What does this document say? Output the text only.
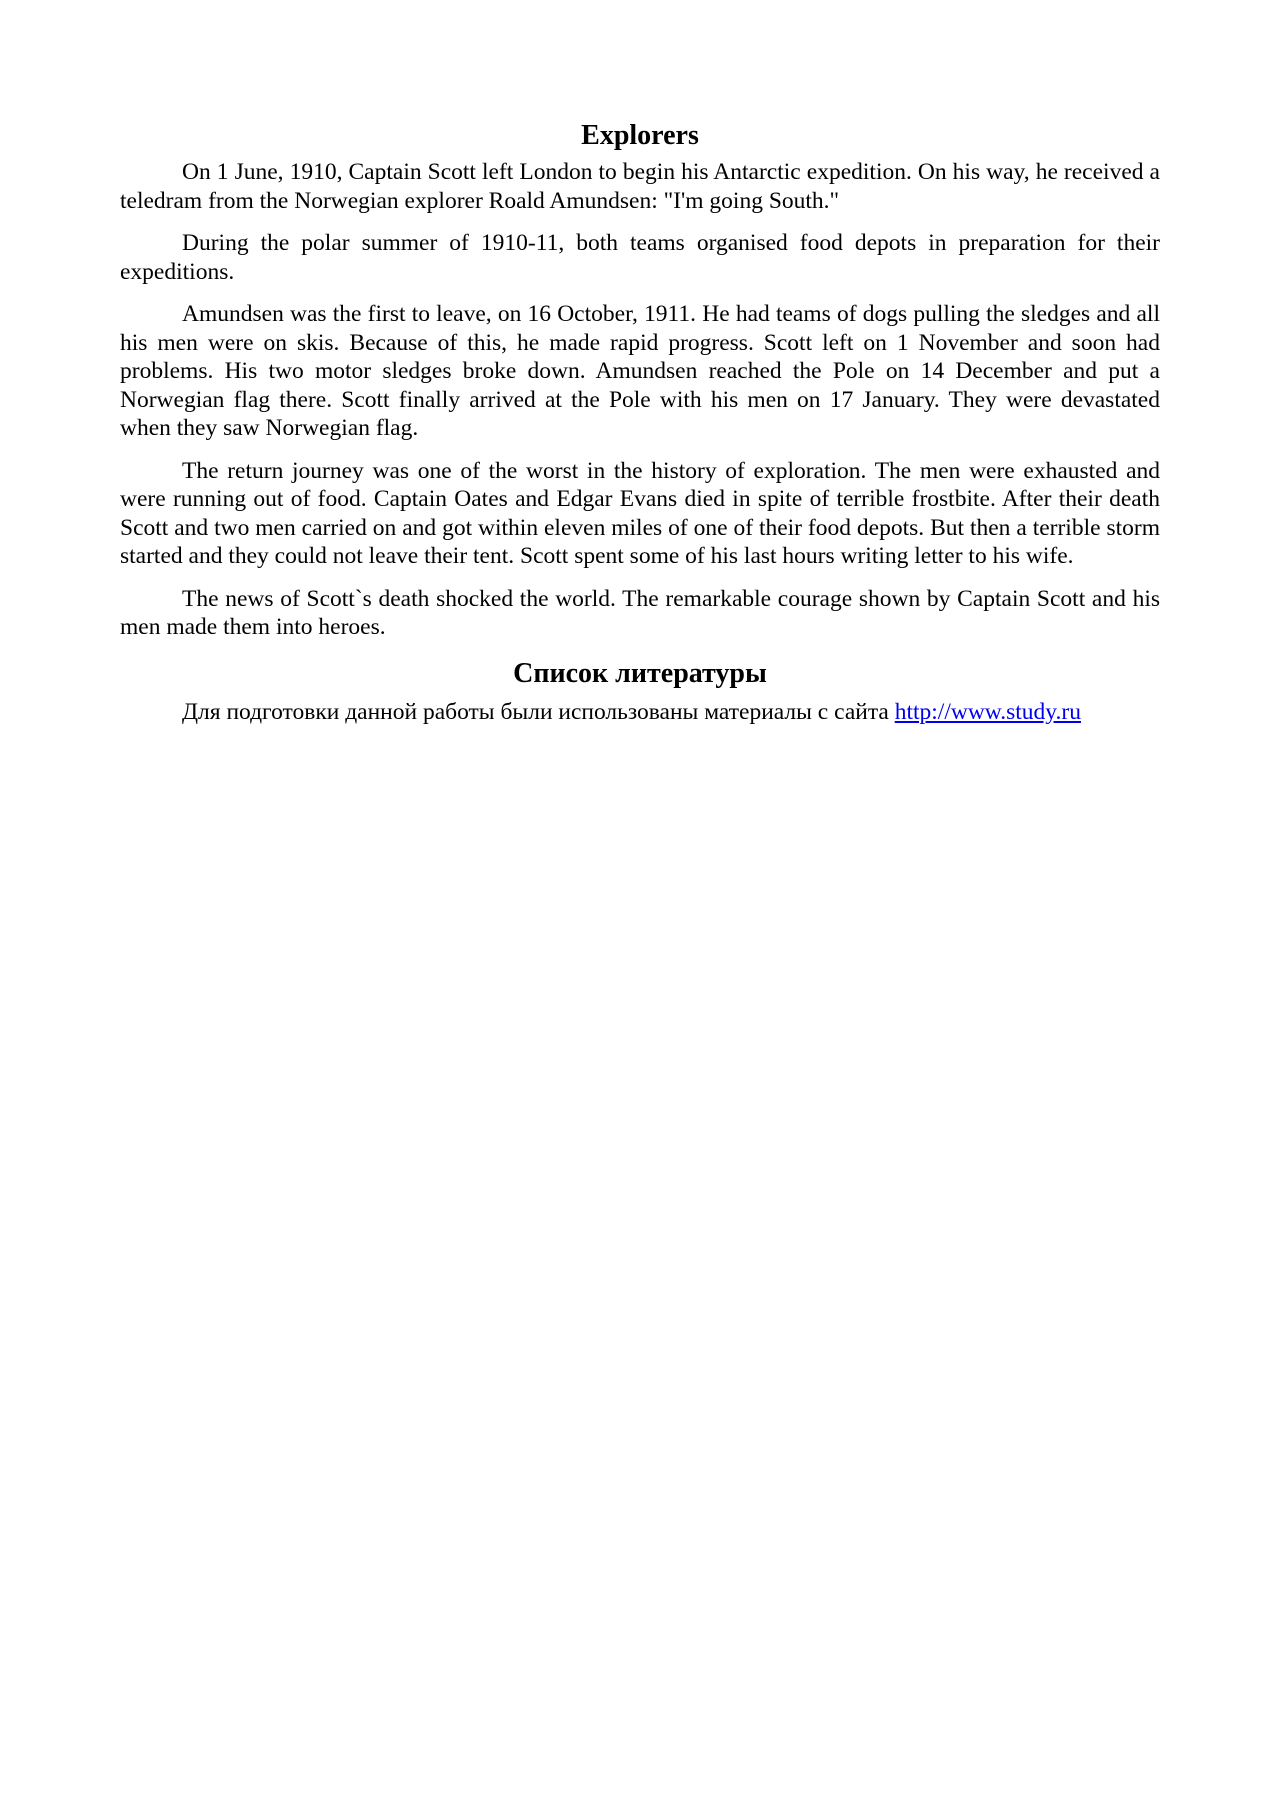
Explorers

On 1 June, 1910, Captain Scott left London to begin his Antarctic expedition. On his way, he received a teledram from the Norwegian explorer Roald Amundsen: "I'm going South."

During the polar summer of 1910-11, both teams organised food depots in preparation for their expeditions.

Amundsen was the first to leave, on 16 October, 1911. He had teams of dogs pulling the sledges and all his men were on skis. Because of this, he made rapid progress. Scott left on 1 November and soon had problems. His two motor sledges broke down. Amundsen reached the Pole on 14 December and put a Norwegian flag there. Scott finally arrived at the Pole with his men on 17 January. They were devastated when they saw Norwegian flag.

The return journey was one of the worst in the history of exploration. The men were exhausted and were running out of food. Captain Oates and Edgar Evans died in spite of terrible frostbite. After their death Scott and two men carried on and got within eleven miles of one of their food depots. But then a terrible storm started and they could not leave their tent. Scott spent some of his last hours writing letter to his wife.

The news of Scott`s death shocked the world. The remarkable courage shown by Captain Scott and his men made them into heroes.

Список литературы

Для подготовки данной работы были использованы материалы с сайта http://www.study.ru
